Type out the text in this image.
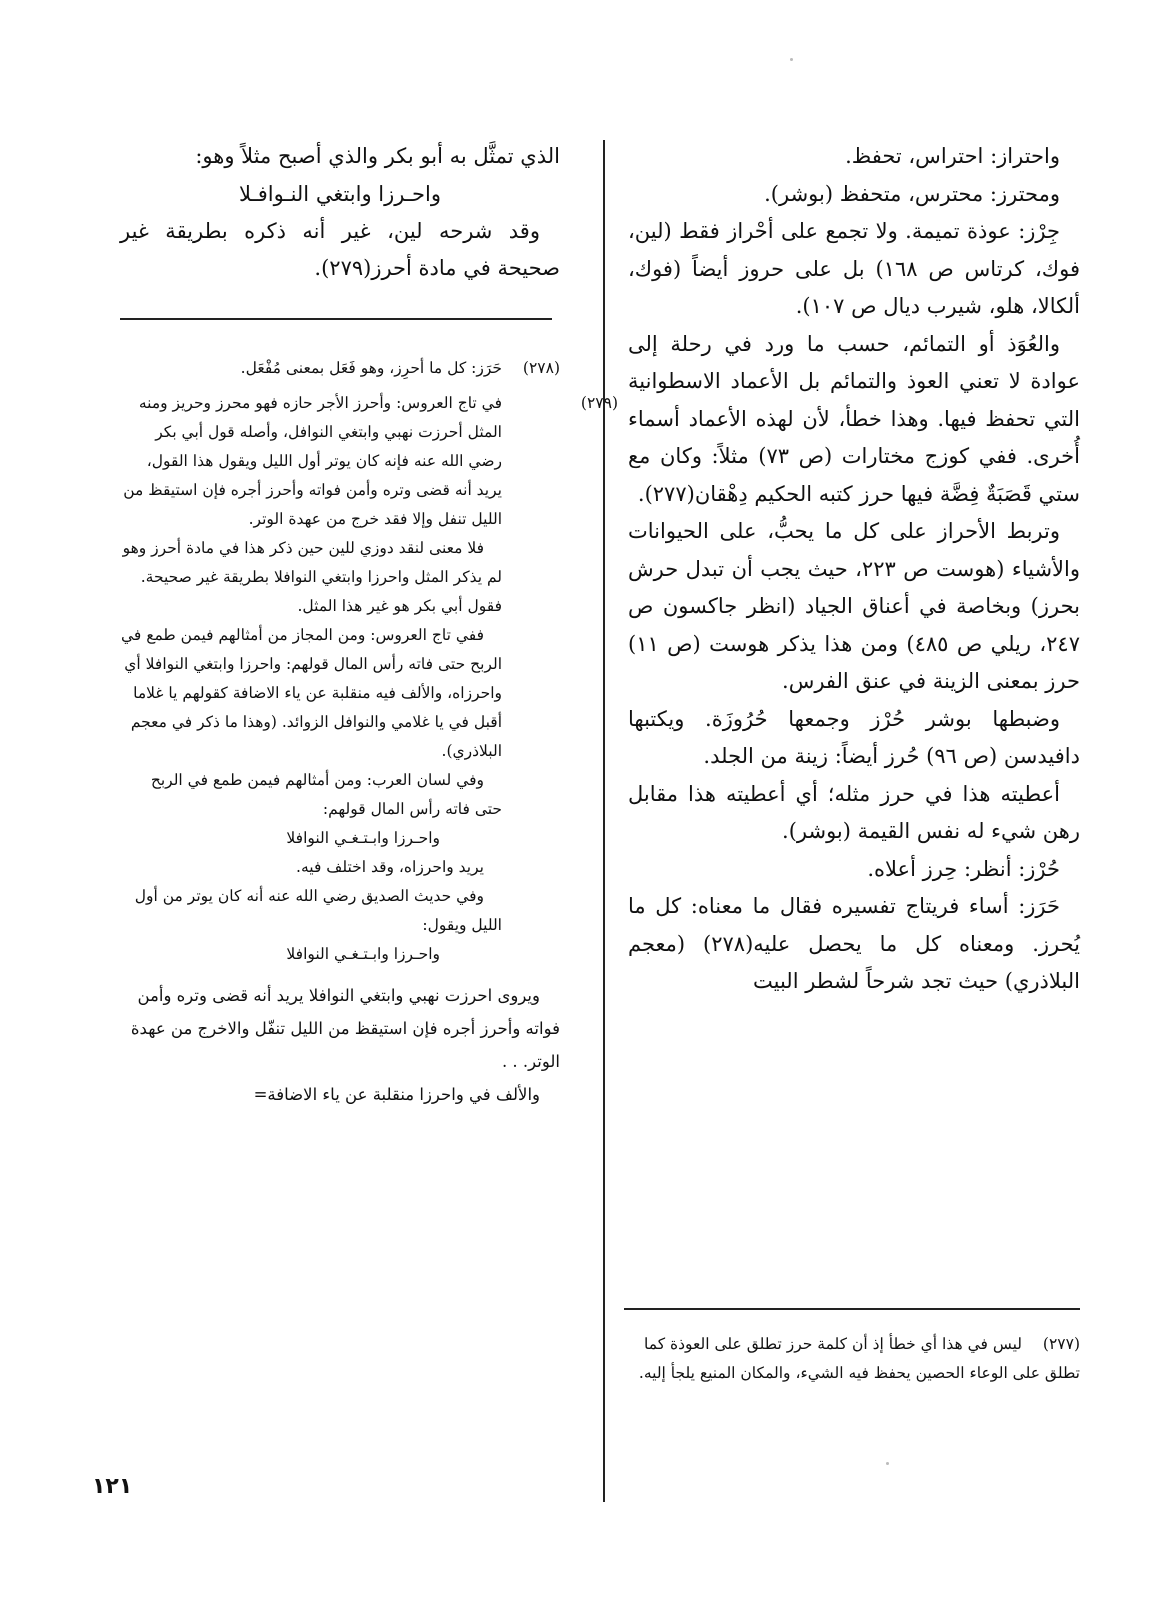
واحتراز: احتراس، تحفظ.

ومحترز: محترس، متحفظ (بوشر).

جِرْز: عوذة تميمة. ولا تجمع على أحْراز فقط (لين، فوك، كرتاس ص ١٦٨) بل على حروز أيضاً (فوك، ألكالا، هلو، شيرب ديال ص ١٠٧).

والعُوَذ أو التمائم، حسب ما ورد في رحلة إلى عوادة لا تعني العوذ والتمائم بل الأعماد الاسطوانية التي تحفظ فيها. وهذا خطأ، لأن لهذه الأعماد أسماء أُخرى. ففي كوزج مختارات (ص ٧٣) مثلاً: وكان مع ستي قَصَبَةٌ فِضَّة فيها حرز كتبه الحكيم دِهْقان(٢٧٧).

وتربط الأحراز على كل ما يحبُّ، على الحيوانات والأشياء (هوست ص ٢٢٣، حيث يجب أن تبدل حرش بحرز) وبخاصة في أعناق الجياد (انظر جاكسون ص ٢٤٧، ريلي ص ٤٨٥) ومن هذا يذكر هوست (ص ١١) حرز بمعنى الزينة في عنق الفرس.

وضبطها بوشر حُرْز وجمعها حُرُوزَة. ويكتبها دافيدسن (ص ٩٦) حُرز أيضاً: زينة من الجلد.

أعطيته هذا في حرز مثله؛ أي أعطيته هذا مقابل رهن شيء له نفس القيمة (بوشر).

حُرْز: أنظر: حِرز أعلاه.

حَرَز: أساء فريتاج تفسيره فقال ما معناه: كل ما يُحرز. ومعناه كل ما يحصل عليه(٢٧٨) (معجم البلاذري) حيث تجد شرحاً لشطر البيت

(٢٧٧)ليس في هذا أي خطأ إذ أن كلمة حرز تطلق على العوذة كما تطلق على الوعاء الحصين يحفظ فيه الشيء، والمكان المنيع يلجأ إليه.

الذي تمثَّل به أبو بكر والذي أصبح مثلاً وهو:

واحـرزا وابتغي النـوافـلا

وقد شرحه لين، غير أنه ذكره بطريقة غير صحيحة في مادة أحرز(٢٧٩).

(٢٧٨)حَرَز: كل ما أحرِز، وهو فَعَل بمعنى مُفْعَل.

(٢٧٩)في تاج العروس: وأحرز الأجر حازه فهو محرز وحريز ومنه المثل أحرزت نهبي وابتغي النوافل، وأصله قول أبي بكر رضي الله عنه فإنه كان يوتر أول الليل ويقول هذا القول، يريد أنه قضى وتره وأمن فواته وأحرز أجره فإن استيقظ من الليل تنفل وإلا فقد خرج من عهدة الوتر.

فلا معنى لنقد دوزي للين حين ذكر هذا في مادة أحرز وهو لم يذكر المثل واحرزا وابتغي النوافلا بطريقة غير صحيحة. فقول أبي بكر هو غير هذا المثل.

ففي تاج العروس: ومن المجاز من أمثالهم فيمن طمع في الربح حتى فاته رأس المال قولهم: واحرزا وابتغي النوافلا أي واحرزاه، والألف فيه منقلبة عن ياء الاضافة كقولهم يا غلاما أقبل في يا غلامي والنوافل الزوائد. (وهذا ما ذكر في معجم البلاذري).

وفي لسان العرب: ومن أمثالهم فيمن طمع في الربح حتى فاته رأس المال قولهم:

واحـرزا وابـتـغـي النوافلا

يريد واحرزاه، وقد اختلف فيه.

وفي حديث الصديق رضي الله عنه أنه كان يوتر من أول الليل ويقول:

واحـرزا وابـتـغـي النوافلا

ويروى احرزت نهبي وابتغي النوافلا يريد أنه قضى وتره وأمن فواته وأحرز أجره فإن استيقظ من الليل تنفّل والاخرج من عهدة الوتر. . .

والألف في واحرزا منقلبة عن ياء الاضافة=

١٢١
